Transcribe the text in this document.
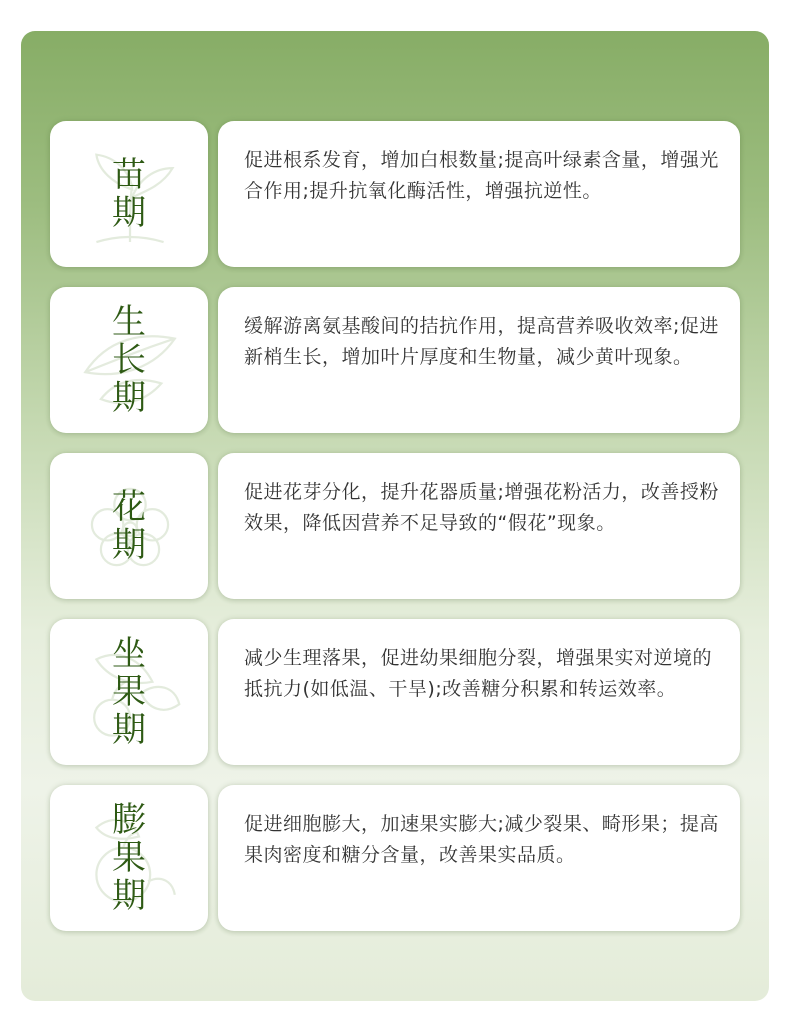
苗
期
促进根系发育，增加白根数量;提高叶绿素含量，增强光合作用;提升抗氧化酶活性，增强抗逆性。
生
长
期
缓解游离氨基酸间的拮抗作用，提高营养吸收效率;促进新梢生长，增加叶片厚度和生物量，减少黄叶现象。
花
期
促进花芽分化，提升花器质量;增强花粉活力，改善授粉效果，降低因营养不足导致的“假花”现象。
坐
果
期
减少生理落果，促进幼果细胞分裂，增强果实对逆境的抵抗力(如低温、干旱);改善糖分积累和转运效率。
膨
果
期
促进细胞膨大，加速果实膨大;减少裂果、畸形果；提高果肉密度和糖分含量，改善果实品质。
